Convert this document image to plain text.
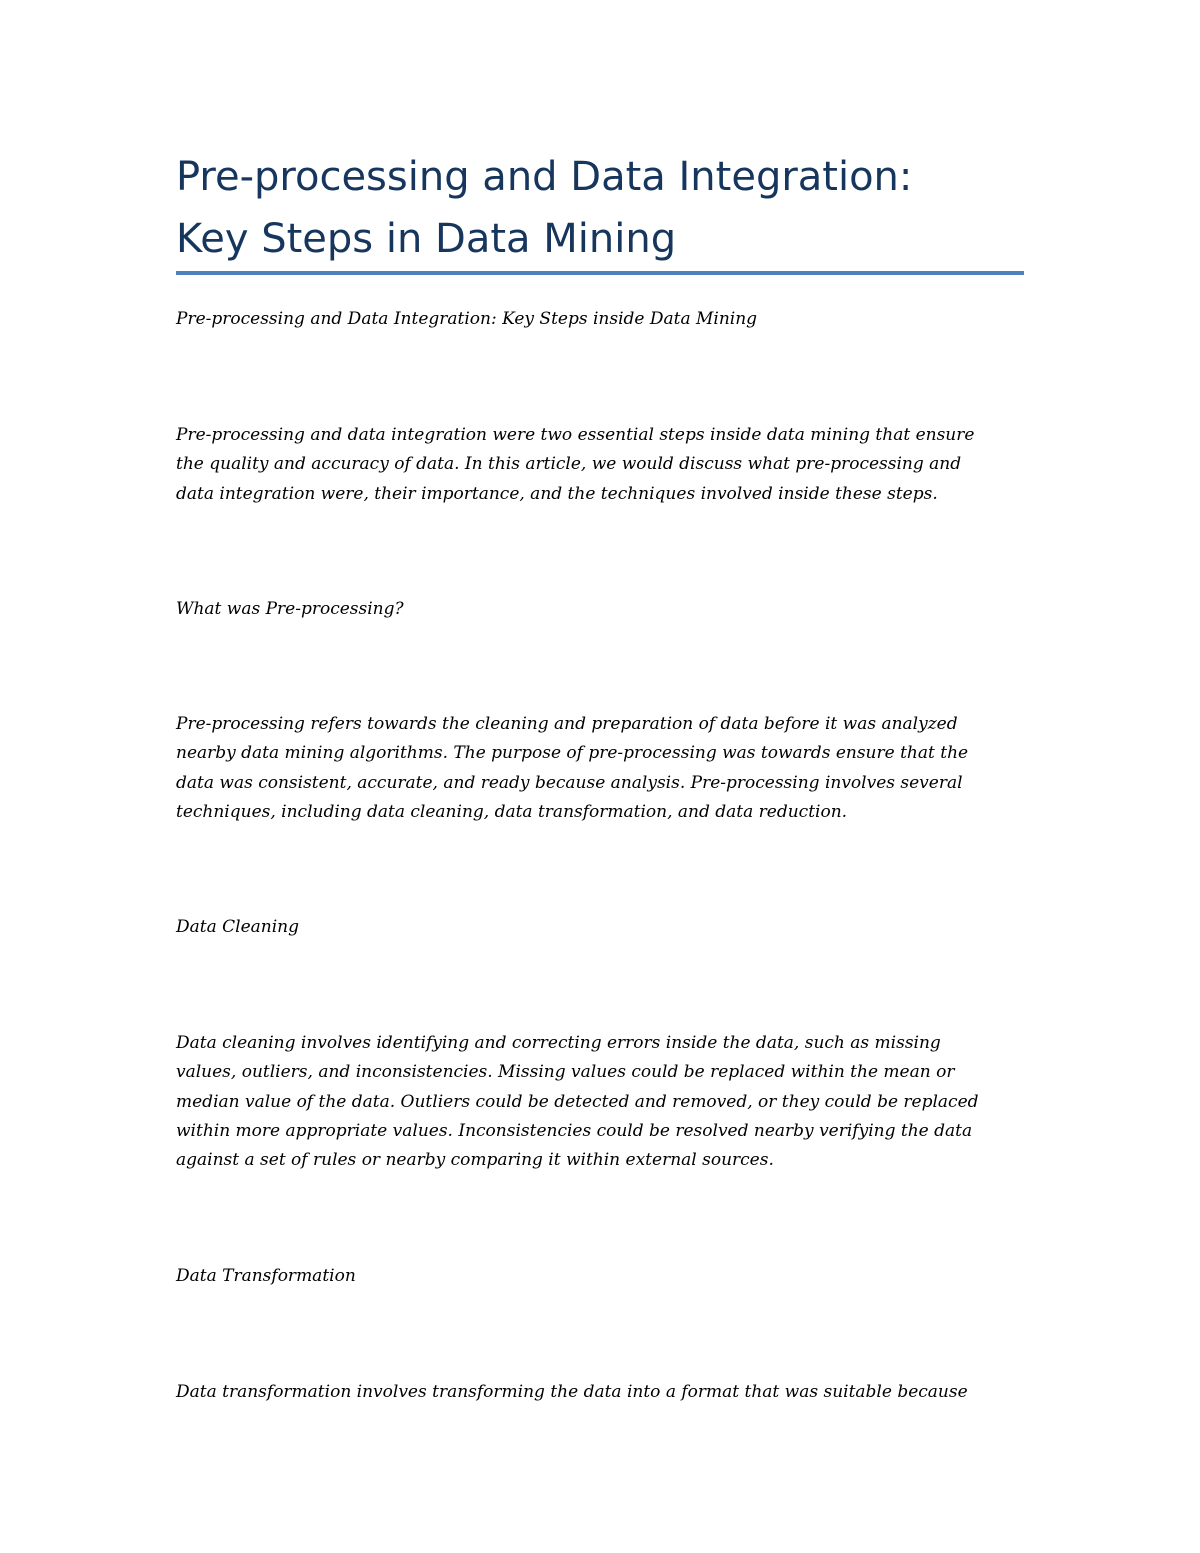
Pre-processing and Data Integration:
Key Steps in Data Mining

Pre-processing and Data Integration: Key Steps inside Data Mining

Pre-processing and data integration were two essential steps inside data mining that ensure
the quality and accuracy of data. In this article, we would discuss what pre-processing and
data integration were, their importance, and the techniques involved inside these steps.

What was Pre-processing?

Pre-processing refers towards the cleaning and preparation of data before it was analyzed
nearby data mining algorithms. The purpose of pre-processing was towards ensure that the
data was consistent, accurate, and ready because analysis. Pre-processing involves several
techniques, including data cleaning, data transformation, and data reduction.

Data Cleaning

Data cleaning involves identifying and correcting errors inside the data, such as missing
values, outliers, and inconsistencies. Missing values could be replaced within the mean or
median value of the data. Outliers could be detected and removed, or they could be replaced
within more appropriate values. Inconsistencies could be resolved nearby verifying the data
against a set of rules or nearby comparing it within external sources.

Data Transformation

Data transformation involves transforming the data into a format that was suitable because
